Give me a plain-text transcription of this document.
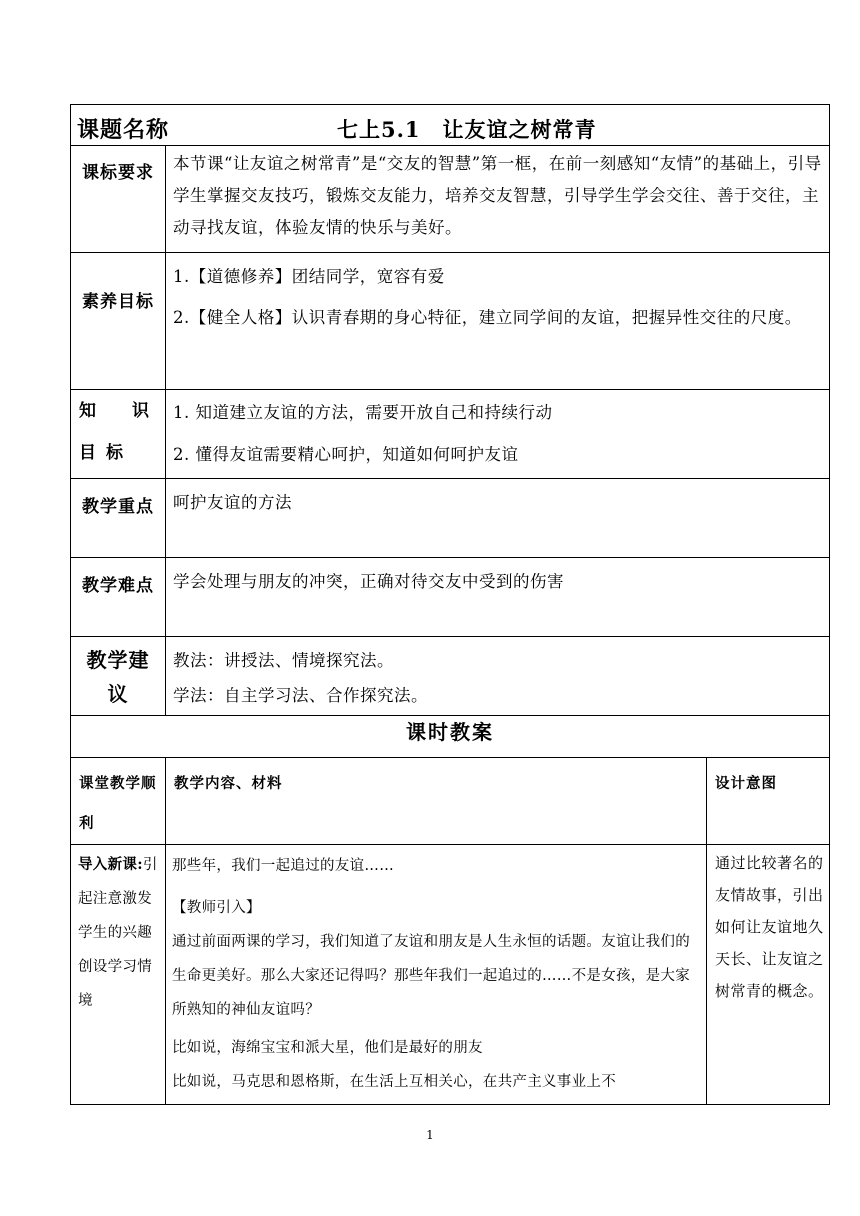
课题名称 七上5.1　让友谊之树常青		

课标要求	本节课“让友谊之树常青”是“交友的智慧”第一框，在前一刻感知“友情”的基础上，引导学生掌握交友技巧，锻炼交友能力，培养交友智慧，引导学生学会交往、善于交往，主动寻找友谊，体验友情的快乐与美好。	
素养目标	1.【道德修养】团结同学，宽容有爱

2.【健全人格】认识青春期的身心特征，建立同学间的友谊，把握异性交往的尺度。	

知识目标	1. 知道建立友谊的方法，需要开放自己和持续行动

2. 懂得友谊需要精心呵护，知道如何呵护友谊	

教学重点	呵护友谊的方法	
教学难点	学会处理与朋友的冲突，正确对待交友中受到的伤害	
教学建议	教法：讲授法、情境探究法。

学法：自主学习法、合作探究法。	

课时教案		
课堂教学顺利	教学内容、材料	设计意图
导入新课:引起注意激发学生的兴趣创设学习情境	那些年，我们一起追过的友谊……

【教师引入】

通过前面两课的学习，我们知道了友谊和朋友是人生永恒的话题。友谊让我们的生命更美好。那么大家还记得吗？那些年我们一起追过的……不是女孩，是大家所熟知的神仙友谊吗？

比如说，海绵宝宝和派大星，他们是最好的朋友

比如说，马克思和恩格斯，在生活上互相关心，在共产主义事业上不	通过比较著名的友情故事，引出如何让友谊地久天长、让友谊之树常青的概念。
1
